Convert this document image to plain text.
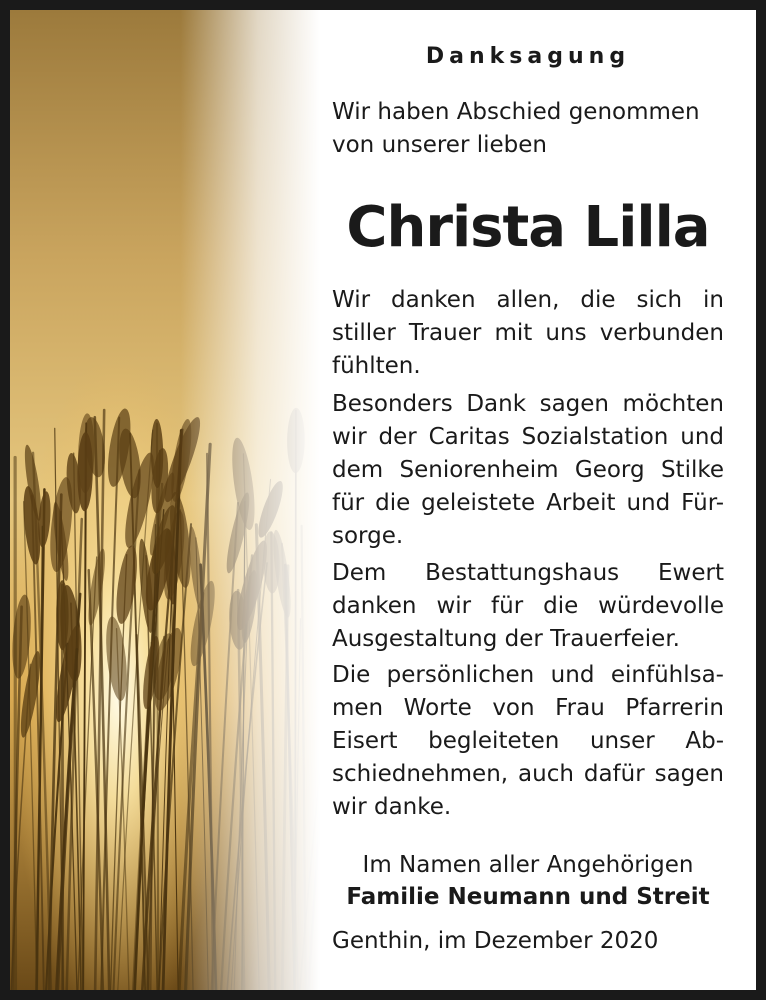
Danksagung
Wir haben Abschied genommen
von unserer lieben
Christa Lilla
Wir danken allen, die sich in
stiller Trauer mit uns verbunden
fühlten.
Besonders Dank sagen möchten
wir der Caritas Sozialstation und
dem Seniorenheim Georg Stilke
für die geleistete Arbeit und Für-
sorge.
Dem Bestattungshaus Ewert
danken wir für die würdevolle
Ausgestaltung der Trauerfeier.
Die persönlichen und einfühlsa-
men Worte von Frau Pfarrerin
Eisert begleiteten unser Ab-
schiednehmen, auch dafür sagen
wir danke.
Im Namen aller Angehörigen
Familie Neumann und Streit
Genthin, im Dezember 2020
